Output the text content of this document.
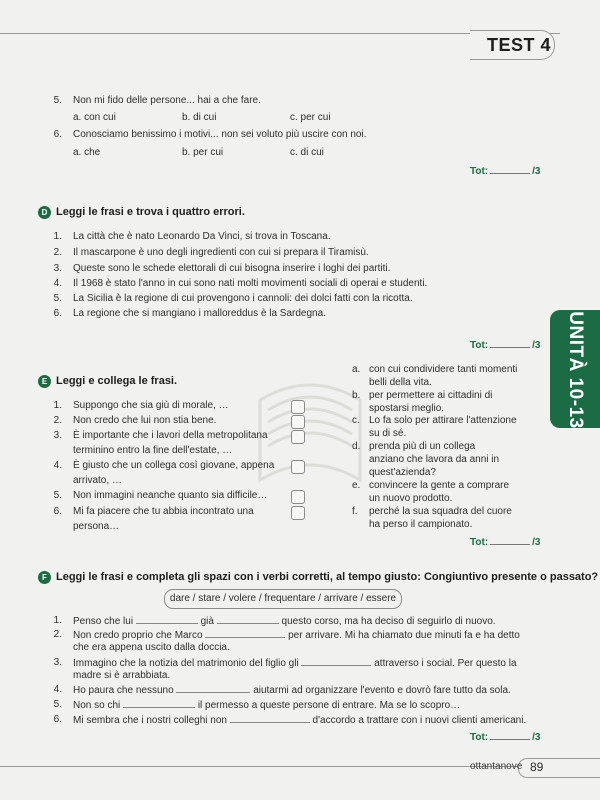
TEST 4
5. Non mi fido delle persone... hai a che fare.
a. con cui	b. di cui	c. per cui
6. Conosciamo benissimo i motivi... non sei voluto più uscire con noi.
a. che	b. per cui	c. di cui
Tot:	/3
D Leggi le frasi e trova i quattro errori.
1. La città che è nato Leonardo Da Vinci, si trova in Toscana.
2. Il mascarpone è uno degli ingredienti con cui si prepara il Tiramisù.
3. Queste sono le schede elettorali di cui bisogna inserire i loghi dei partiti.
4. Il 1968 è stato l'anno in cui sono nati molti movimenti sociali di operai e studenti.
5. La Sicilia è la regione di cui provengono i cannoli: dei dolci fatti con la ricotta.
6. La regione che si mangiano i malloreddus è la Sardegna.
Tot:	/3 UNITÀ 10-13
E Leggi e collega le frasi.
1. Suppongo che sia giù di morale, …
2. Non credo che lui non stia bene.
3. È importante che i lavori della metropolitana
terminino entro la fine dell'estate, …
4. È giusto che un collega così giovane, appena
arrivato, …
5. Non immagini neanche quanto sia difficile…
6. Mi fa piacere che tu abbia incontrato una
persona…
a. con cui condividere tanti momenti
belli della vita.
b. per permettere ai cittadini di
spostarsi meglio.
c. Lo fa solo per attirare l'attenzione
su di sé.
d. prenda più di un collega
anziano che lavora da anni in
quest'azienda?
e. convincere la gente a comprare
un nuovo prodotto.
f. perché la sua squadra del cuore
ha perso il campionato.
Tot:	/3
F Leggi le frasi e completa gli spazi con i verbi corretti, al tempo giusto: Congiuntivo presente o passato?
dare / stare / volere / frequentare / arrivare / essere
1. Penso che lui	già	questo corso, ma ha deciso di seguirlo di nuovo.
2. Non credo proprio che Marco	per arrivare. Mi ha chiamato due minuti fa e ha detto
che era appena uscito dalla doccia.
3. Immagino che la notizia del matrimonio del figlio gli	attraverso i social. Per questo la
madre si è arrabbiata.
4. Ho paura che nessuno	aiutarmi ad organizzare l'evento e dovrò fare tutto da sola.
5. Non so chi	il permesso a queste persone di entrare. Ma se lo scopro…
6. Mi sembra che i nostri colleghi non	d'accordo a trattare con i nuovi clienti americani.
Tot:	/3
ottantanove 89
